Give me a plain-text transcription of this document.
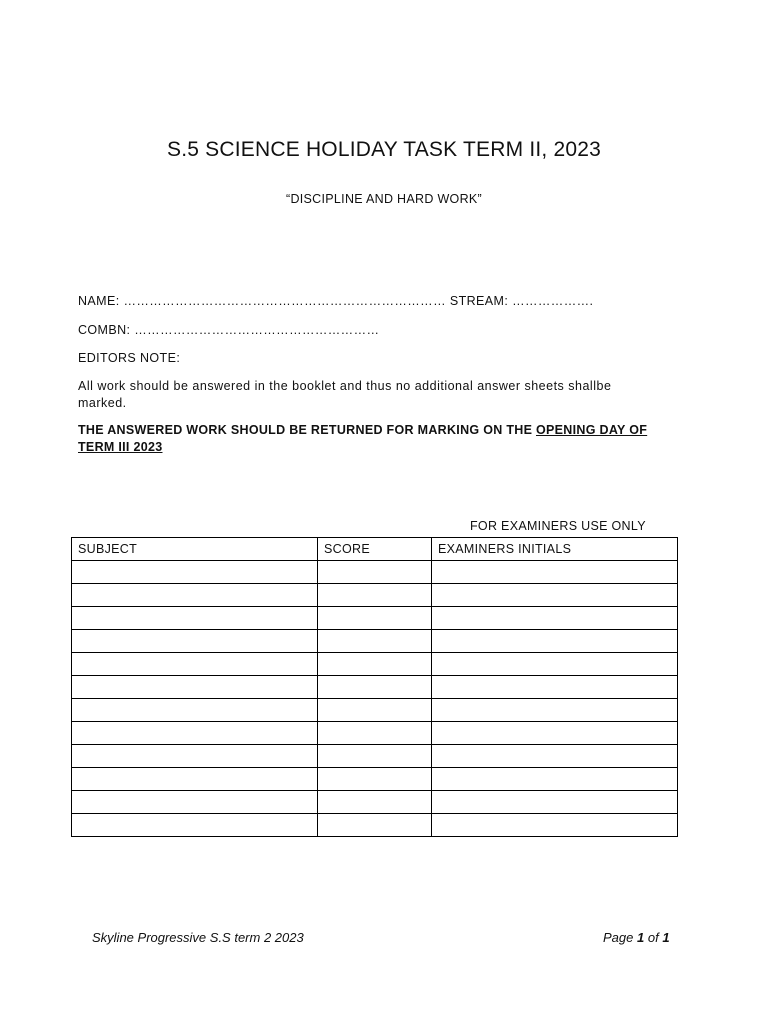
S.5 SCIENCE HOLIDAY TASK TERM II, 2023
“DISCIPLINE AND HARD WORK”
NAME: ………………………………………………………………… STREAM: ……………….
COMBN: …………………………………………………
EDITORS NOTE:
All work should be answered in the booklet and thus no additional answer sheets shallbe marked.
THE ANSWERED WORK SHOULD BE RETURNED FOR MARKING ON THE OPENING DAY OF TERM III 2023
FOR EXAMINERS USE ONLY
SUBJECT	SCORE	EXAMINERS INITIALS

Skyline Progressive S.S term 2 2023	Page 1 of 1
